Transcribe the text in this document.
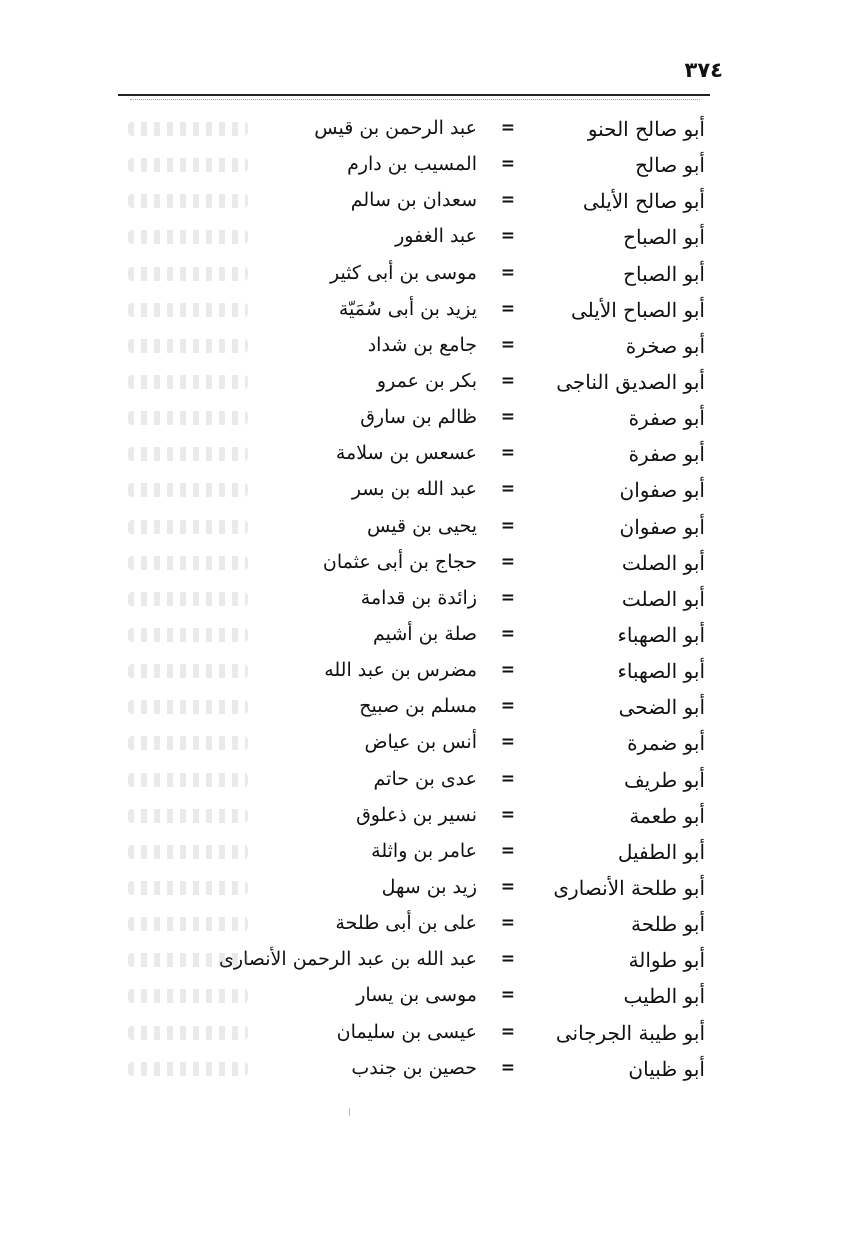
٣٧٤
أبو صالح الحنو
=
عبد الرحمن بن قيس
أبو صالح
=
المسيب بن دارم
أبو صالح الأيلى
=
سعدان بن سالم
أبو الصباح
=
عبد الغفور
أبو الصباح
=
موسى بن أبى كثير
أبو الصباح الأيلى
=
يزيد بن أبى سُمَيّة
أبو صخرة
=
جامع بن شداد
أبو الصديق الناجى
=
بكر بن عمرو
أبو صفرة
=
ظالم بن سارق
أبو صفرة
=
عسعس بن سلامة
أبو صفوان
=
عبد الله بن بسر
أبو صفوان
=
يحيى بن قيس
أبو الصلت
=
حجاج بن أبى عثمان
أبو الصلت
=
زائدة بن قدامة
أبو الصهباء
=
صلة بن أشيم
أبو الصهباء
=
مضرس بن عبد الله
أبو الضحى
=
مسلم بن صبيح
أبو ضمرة
=
أنس بن عياض
أبو طريف
=
عدى بن حاتم
أبو طعمة
=
نسير بن ذعلوق
أبو الطفيل
=
عامر بن واثلة
أبو طلحة الأنصارى
=
زيد بن سهل
أبو طلحة
=
على بن أبى طلحة
أبو طوالة
=
عبد الله بن عبد الرحمن الأنصارى
أبو الطيب
=
موسى بن يسار
أبو طيبة الجرجانى
=
عيسى بن سليمان
أبو ظبيان
=
حصين بن جندب
